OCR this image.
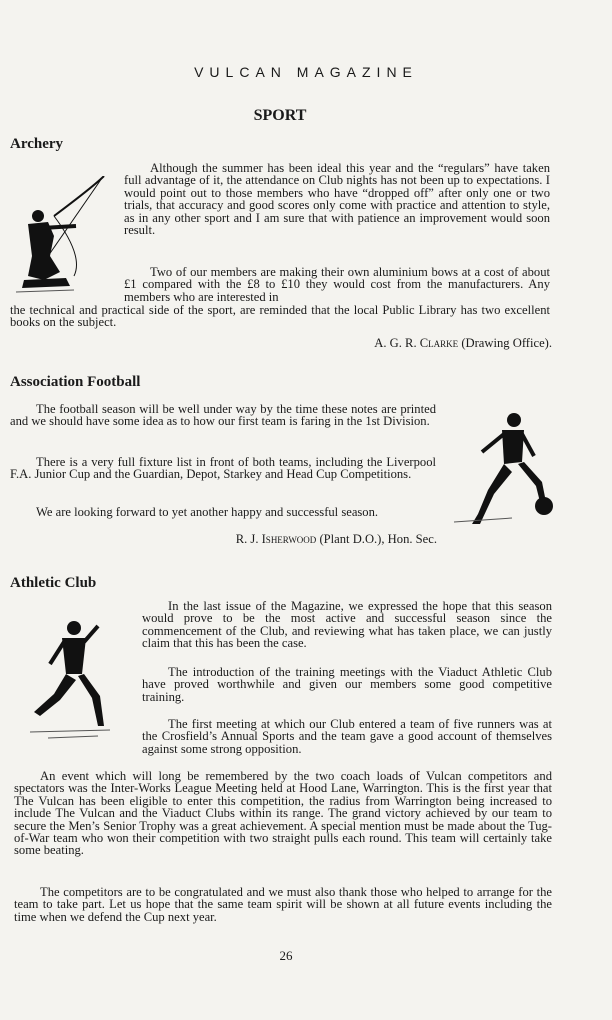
VULCAN MAGAZINE
SPORT
Archery

Although the summer has been ideal this year and the “regulars” have taken full advantage of it, the attendance on Club nights has not been up to expectations. I would point out to those members who have “dropped off” after only one or two trials, that accuracy and good scores only come with practice and attention to style, as in any other sport and I am sure that with patience an improvement would soon result.

Two of our members are making their own aluminium bows at a cost of about £1 compared with the £8 to £10 they would cost from the manufacturers. Any members who are interested in

the technical and practical side of the sport, are reminded that the local Public Library has two excellent books on the subject.

A. G. R. Clarke (Drawing Office).
Association Football

The football season will be well under way by the time these notes are printed and we should have some idea as to how our first team is faring in the 1st Division.

There is a very full fixture list in front of both teams, including the Liverpool F.A. Junior Cup and the Guardian, Depot, Starkey and Head Cup Competitions.

We are looking forward to yet another happy and successful season.

R. J. Isherwood (Plant D.O.), Hon. Sec.
Athletic Club

In the last issue of the Magazine, we expressed the hope that this season would prove to be the most active and successful season since the commencement of the Club, and reviewing what has taken place, we can justly claim that this has been the case.

The introduction of the training meetings with the Viaduct Athletic Club have proved worthwhile and given our members some good competitive training.

The first meeting at which our Club entered a team of five runners was at the Crosfield’s Annual Sports and the team gave a good account of themselves against some strong opposition.

An event which will long be remembered by the two coach loads of Vulcan competitors and spectators was the Inter-Works League Meeting held at Hood Lane, Warrington. This is the first year that The Vulcan has been eligible to enter this competition, the radius from Warrington being increased to include The Vulcan and the Viaduct Clubs within its range. The grand victory achieved by our team to secure the Men’s Senior Trophy was a great achievement. A special mention must be made about the Tug-of-War team who won their competition with two straight pulls each round. This team will certainly take some beating.

The competitors are to be congratulated and we must also thank those who helped to arrange for the team to take part. Let us hope that the same team spirit will be shown at all future events including the time when we defend the Cup next year.

26
